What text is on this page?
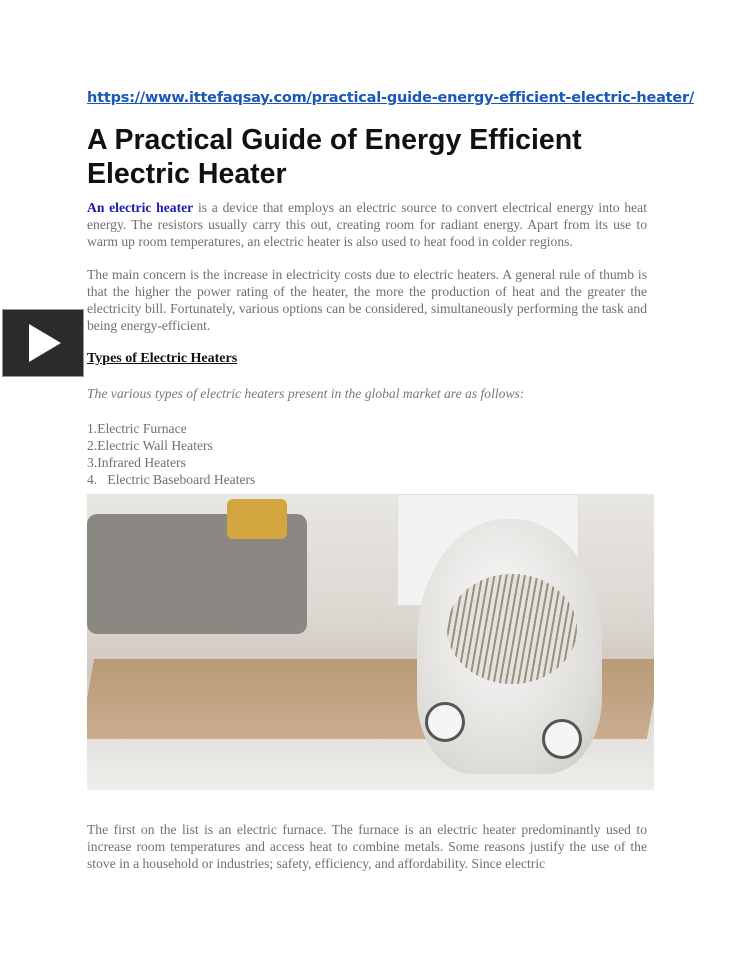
https://www.ittefaqsay.com/practical-guide-energy-efficient-electric-heater/
A Practical Guide of Energy Efficient Electric Heater

An electric heater is a device that employs an electric source to convert electrical energy into heat energy. The resistors usually carry this out, creating room for radiant energy. Apart from its use to warm up room temperatures, an electric heater is also used to heat food in colder regions.

The main concern is the increase in electricity costs due to electric heaters. A general rule of thumb is that the higher the power rating of the heater, the more the production of heat and the greater the electricity bill. Fortunately, various options can be considered, simultaneously performing the task and being energy-efficient.

Types of Electric Heaters
The various types of electric heaters present in the global market are as follows:
1.Electric Furnace
2.Electric Wall Heaters
3.Infrared Heaters
4.   Electric Baseboard Heaters

The first on the list is an electric furnace. The furnace is an electric heater predominantly used to increase room temperatures and access heat to combine metals. Some reasons justify the use of the stove in a household or industries; safety, efficiency, and affordability. Since electric
